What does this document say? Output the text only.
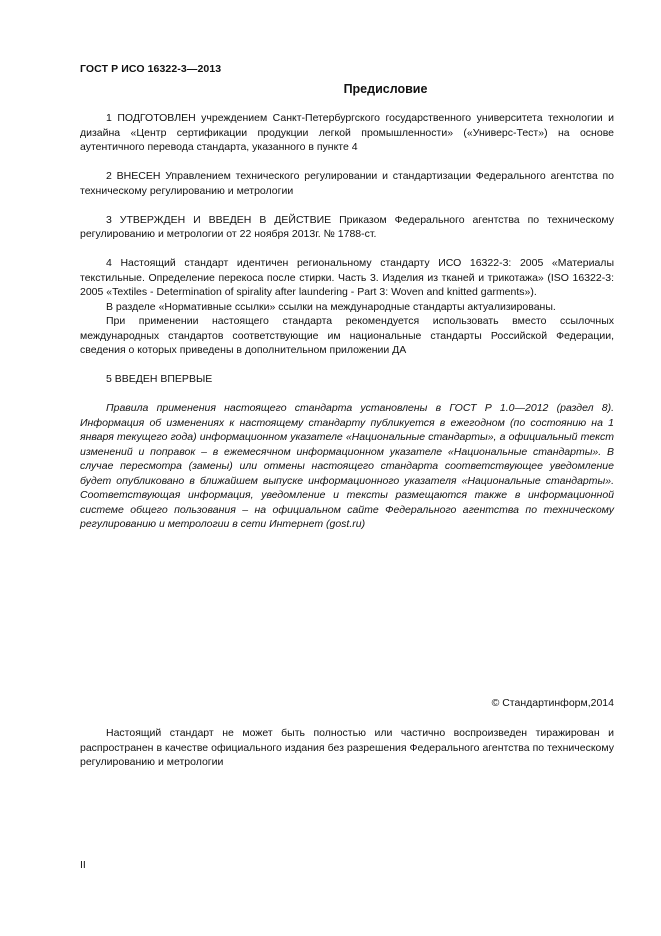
ГОСТ Р ИСО 16322-3—2013
Предисловие

1 ПОДГОТОВЛЕН учреждением Санкт-Петербургского государственного университета технологии и дизайна «Центр сертификации продукции легкой промышленности» («Универс-Тест») на основе аутентичного перевода стандарта, указанного в пункте 4

2 ВНЕСЕН Управлением технического регулировании и стандартизации Федерального агентства по техническому регулированию и метрологии

3 УТВЕРЖДЕН И ВВЕДЕН В ДЕЙСТВИЕ Приказом Федерального агентства по техническому регулированию и метрологии от 22 ноября 2013г. № 1788-ст.

4 Настоящий стандарт идентичен региональному стандарту ИСО 16322-3: 2005 «Материалы текстильные. Определение перекоса после стирки. Часть 3. Изделия из тканей и трикотажа» (ISO 16322-3: 2005 «Textiles - Determination of spirality after laundering - Part 3: Woven and knitted garments»).

В разделе «Нормативные ссылки» ссылки на международные стандарты актуализированы.

При применении настоящего стандарта рекомендуется использовать вместо ссылочных международных стандартов соответствующие им национальные стандарты Российской Федерации, сведения о которых приведены в дополнительном приложении ДА

5 ВВЕДЕН ВПЕРВЫЕ

Правила применения настоящего стандарта установлены в ГОСТ Р 1.0—2012 (раздел 8). Информация об изменениях к настоящему стандарту публикуется в ежегодном (по состоянию на 1 января текущего года) информационном указателе «Национальные стандарты», а официальный текст изменений и поправок – в ежемесячном информационном указателе «Национальные стандарты». В случае пересмотра (замены) или отмены настоящего стандарта соответствующее уведомление будет опубликовано в ближайшем выпуске информационного указателя «Национальные стандарты». Соответствующая информация, уведомление и тексты размещаются также в информационной системе общего пользования – на официальном сайте Федерального агентства по техническому регулированию и метрологии в сети Интернет (gost.ru)

© Стандартинформ,2014

Настоящий стандарт не может быть полностью или частично воспроизведен тиражирован и распространен в качестве официального издания без разрешения Федерального агентства по техническому регулированию и метрологии

II
